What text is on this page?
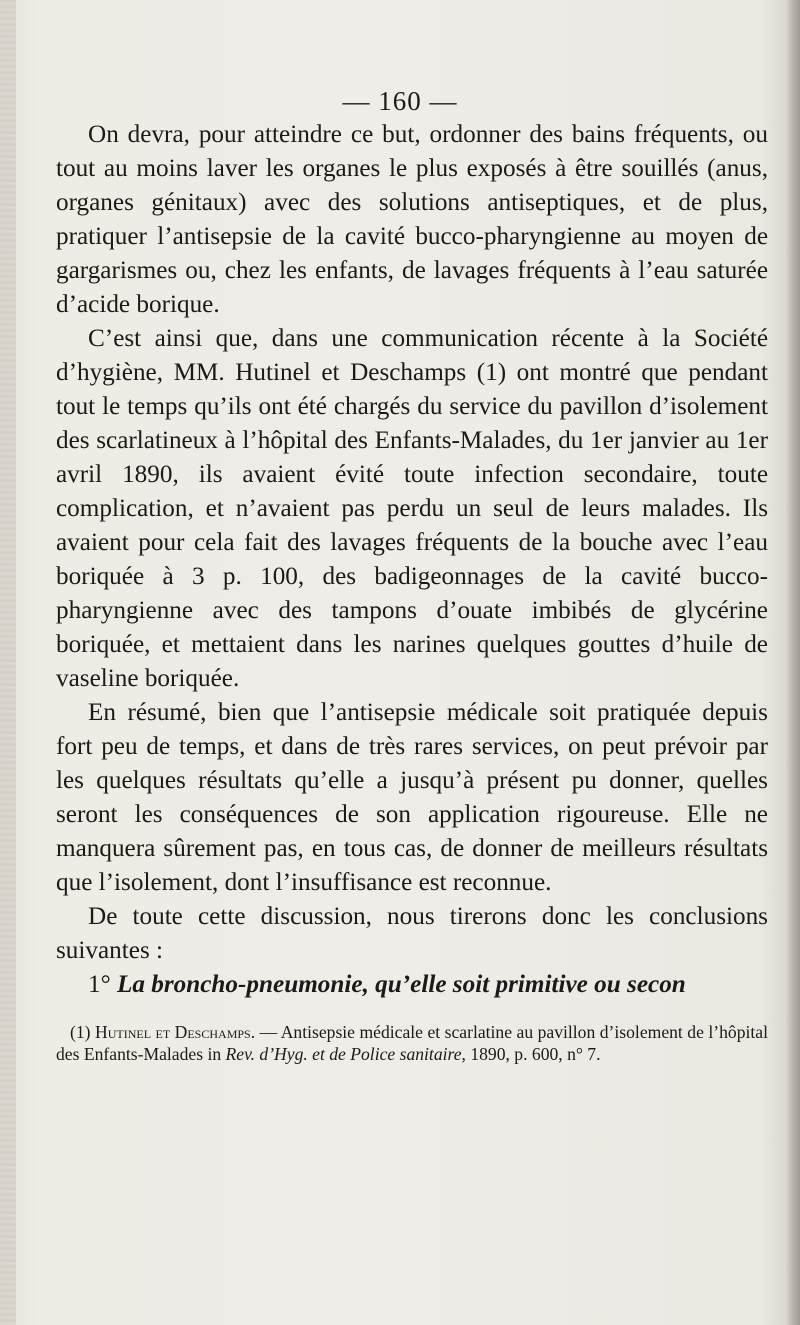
— 160 —

On devra, pour atteindre ce but, ordonner des bains fréquents, ou tout au moins laver les organes le plus exposés à être souillés (anus, organes génitaux) avec des solutions antiseptiques, et de plus, pratiquer l’antisepsie de la cavité bucco-pharyngienne au moyen de gargarismes ou, chez les enfants, de lavages fréquents à l’eau saturée d’acide borique.

C’est ainsi que, dans une communication récente à la Société d’hygiène, MM. Hutinel et Deschamps (1) ont montré que pendant tout le temps qu’ils ont été chargés du service du pavillon d’isolement des scarlatineux à l’hôpital des Enfants-Malades, du 1er janvier au 1er avril 1890, ils avaient évité toute infection secondaire, toute complication, et n’avaient pas perdu un seul de leurs malades. Ils avaient pour cela fait des lavages fréquents de la bouche avec l’eau boriquée à 3 p. 100, des badigeonnages de la cavité bucco-pharyngienne avec des tampons d’ouate imbibés de glycérine boriquée, et mettaient dans les narines quelques gouttes d’huile de vaseline boriquée.

En résumé, bien que l’antisepsie médicale soit pratiquée depuis fort peu de temps, et dans de très rares services, on peut prévoir par les quelques résultats qu’elle a jusqu’à présent pu donner, quelles seront les conséquences de son application rigoureuse. Elle ne manquera sûrement pas, en tous cas, de donner de meilleurs résultats que l’isolement, dont l’insuffisance est reconnue.

De toute cette discussion, nous tirerons donc les conclusions suivantes :

1° La broncho-pneumonie, qu’elle soit primitive ou secon

(1) Hutinel et Deschamps. — Antisepsie médicale et scarlatine au pavillon d’isolement de l’hôpital des Enfants-Malades in Rev. d’Hyg. et de Police sanitaire, 1890, p. 600, n° 7.
